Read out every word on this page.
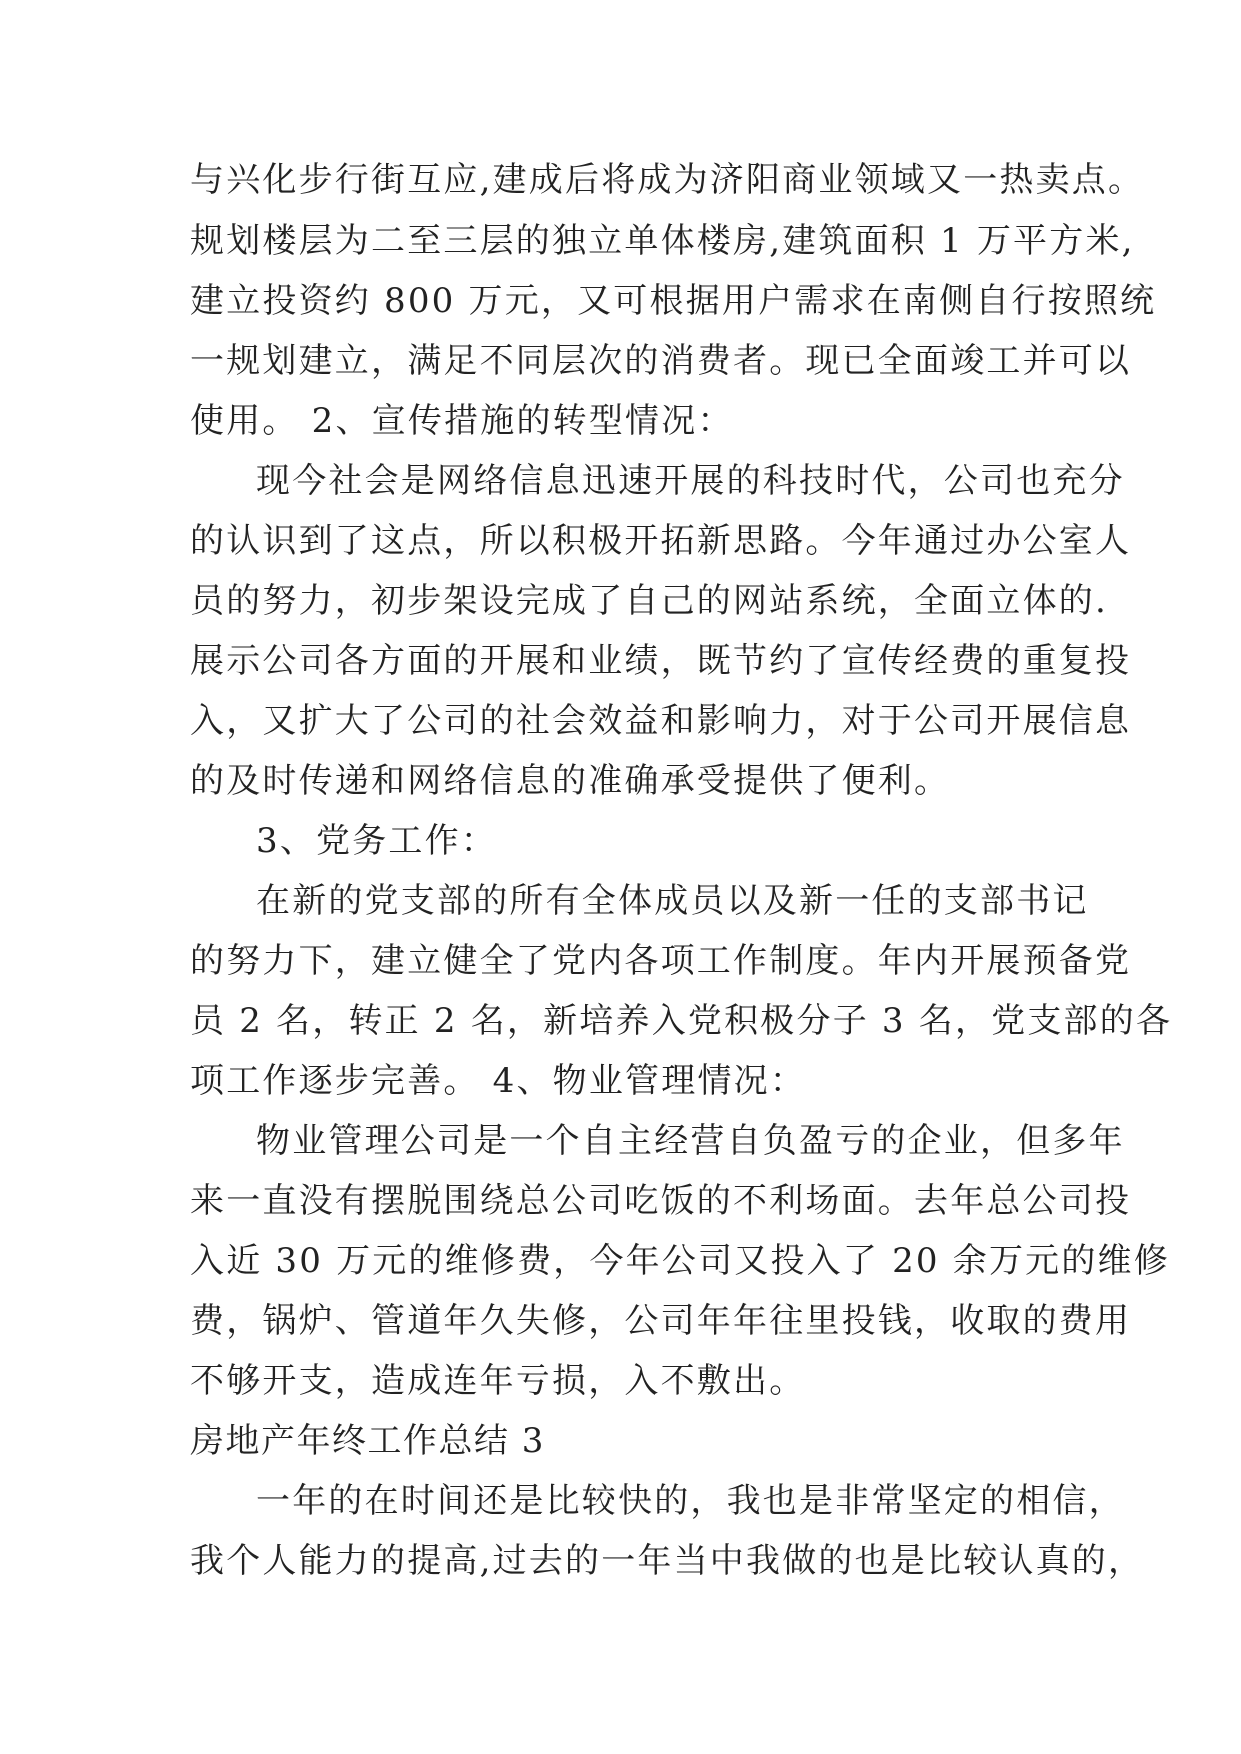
与兴化步行街互应,建成后将成为济阳商业领域又一热卖点。
规划楼层为二至三层的独立单体楼房,建筑面积 1 万平方米,
建立投资约 800 万元，又可根据用户需求在南侧自行按照统
一规划建立，满足不同层次的消费者。现已全面竣工并可以
使用。 2、宣传措施的转型情况：
现今社会是网络信息迅速开展的科技时代，公司也充分
的认识到了这点，所以积极开拓新思路。今年通过办公室人
员的努力，初步架设完成了自己的网站系统，全面立体的.
展示公司各方面的开展和业绩，既节约了宣传经费的重复投
入，又扩大了公司的社会效益和影响力，对于公司开展信息
的及时传递和网络信息的准确承受提供了便利。
3、党务工作：
在新的党支部的所有全体成员以及新一任的支部书记
的努力下，建立健全了党内各项工作制度。年内开展预备党
员 2 名，转正 2 名，新培养入党积极分子 3 名，党支部的各
项工作逐步完善。 4、物业管理情况：
物业管理公司是一个自主经营自负盈亏的企业，但多年
来一直没有摆脱围绕总公司吃饭的不利场面。去年总公司投
入近 30 万元的维修费，今年公司又投入了 20 余万元的维修
费，锅炉、管道年久失修，公司年年往里投钱，收取的费用
不够开支，造成连年亏损，入不敷出。
房地产年终工作总结 3
一年的在时间还是比较快的，我也是非常坚定的相信，
我个人能力的提高,过去的一年当中我做的也是比较认真的，
